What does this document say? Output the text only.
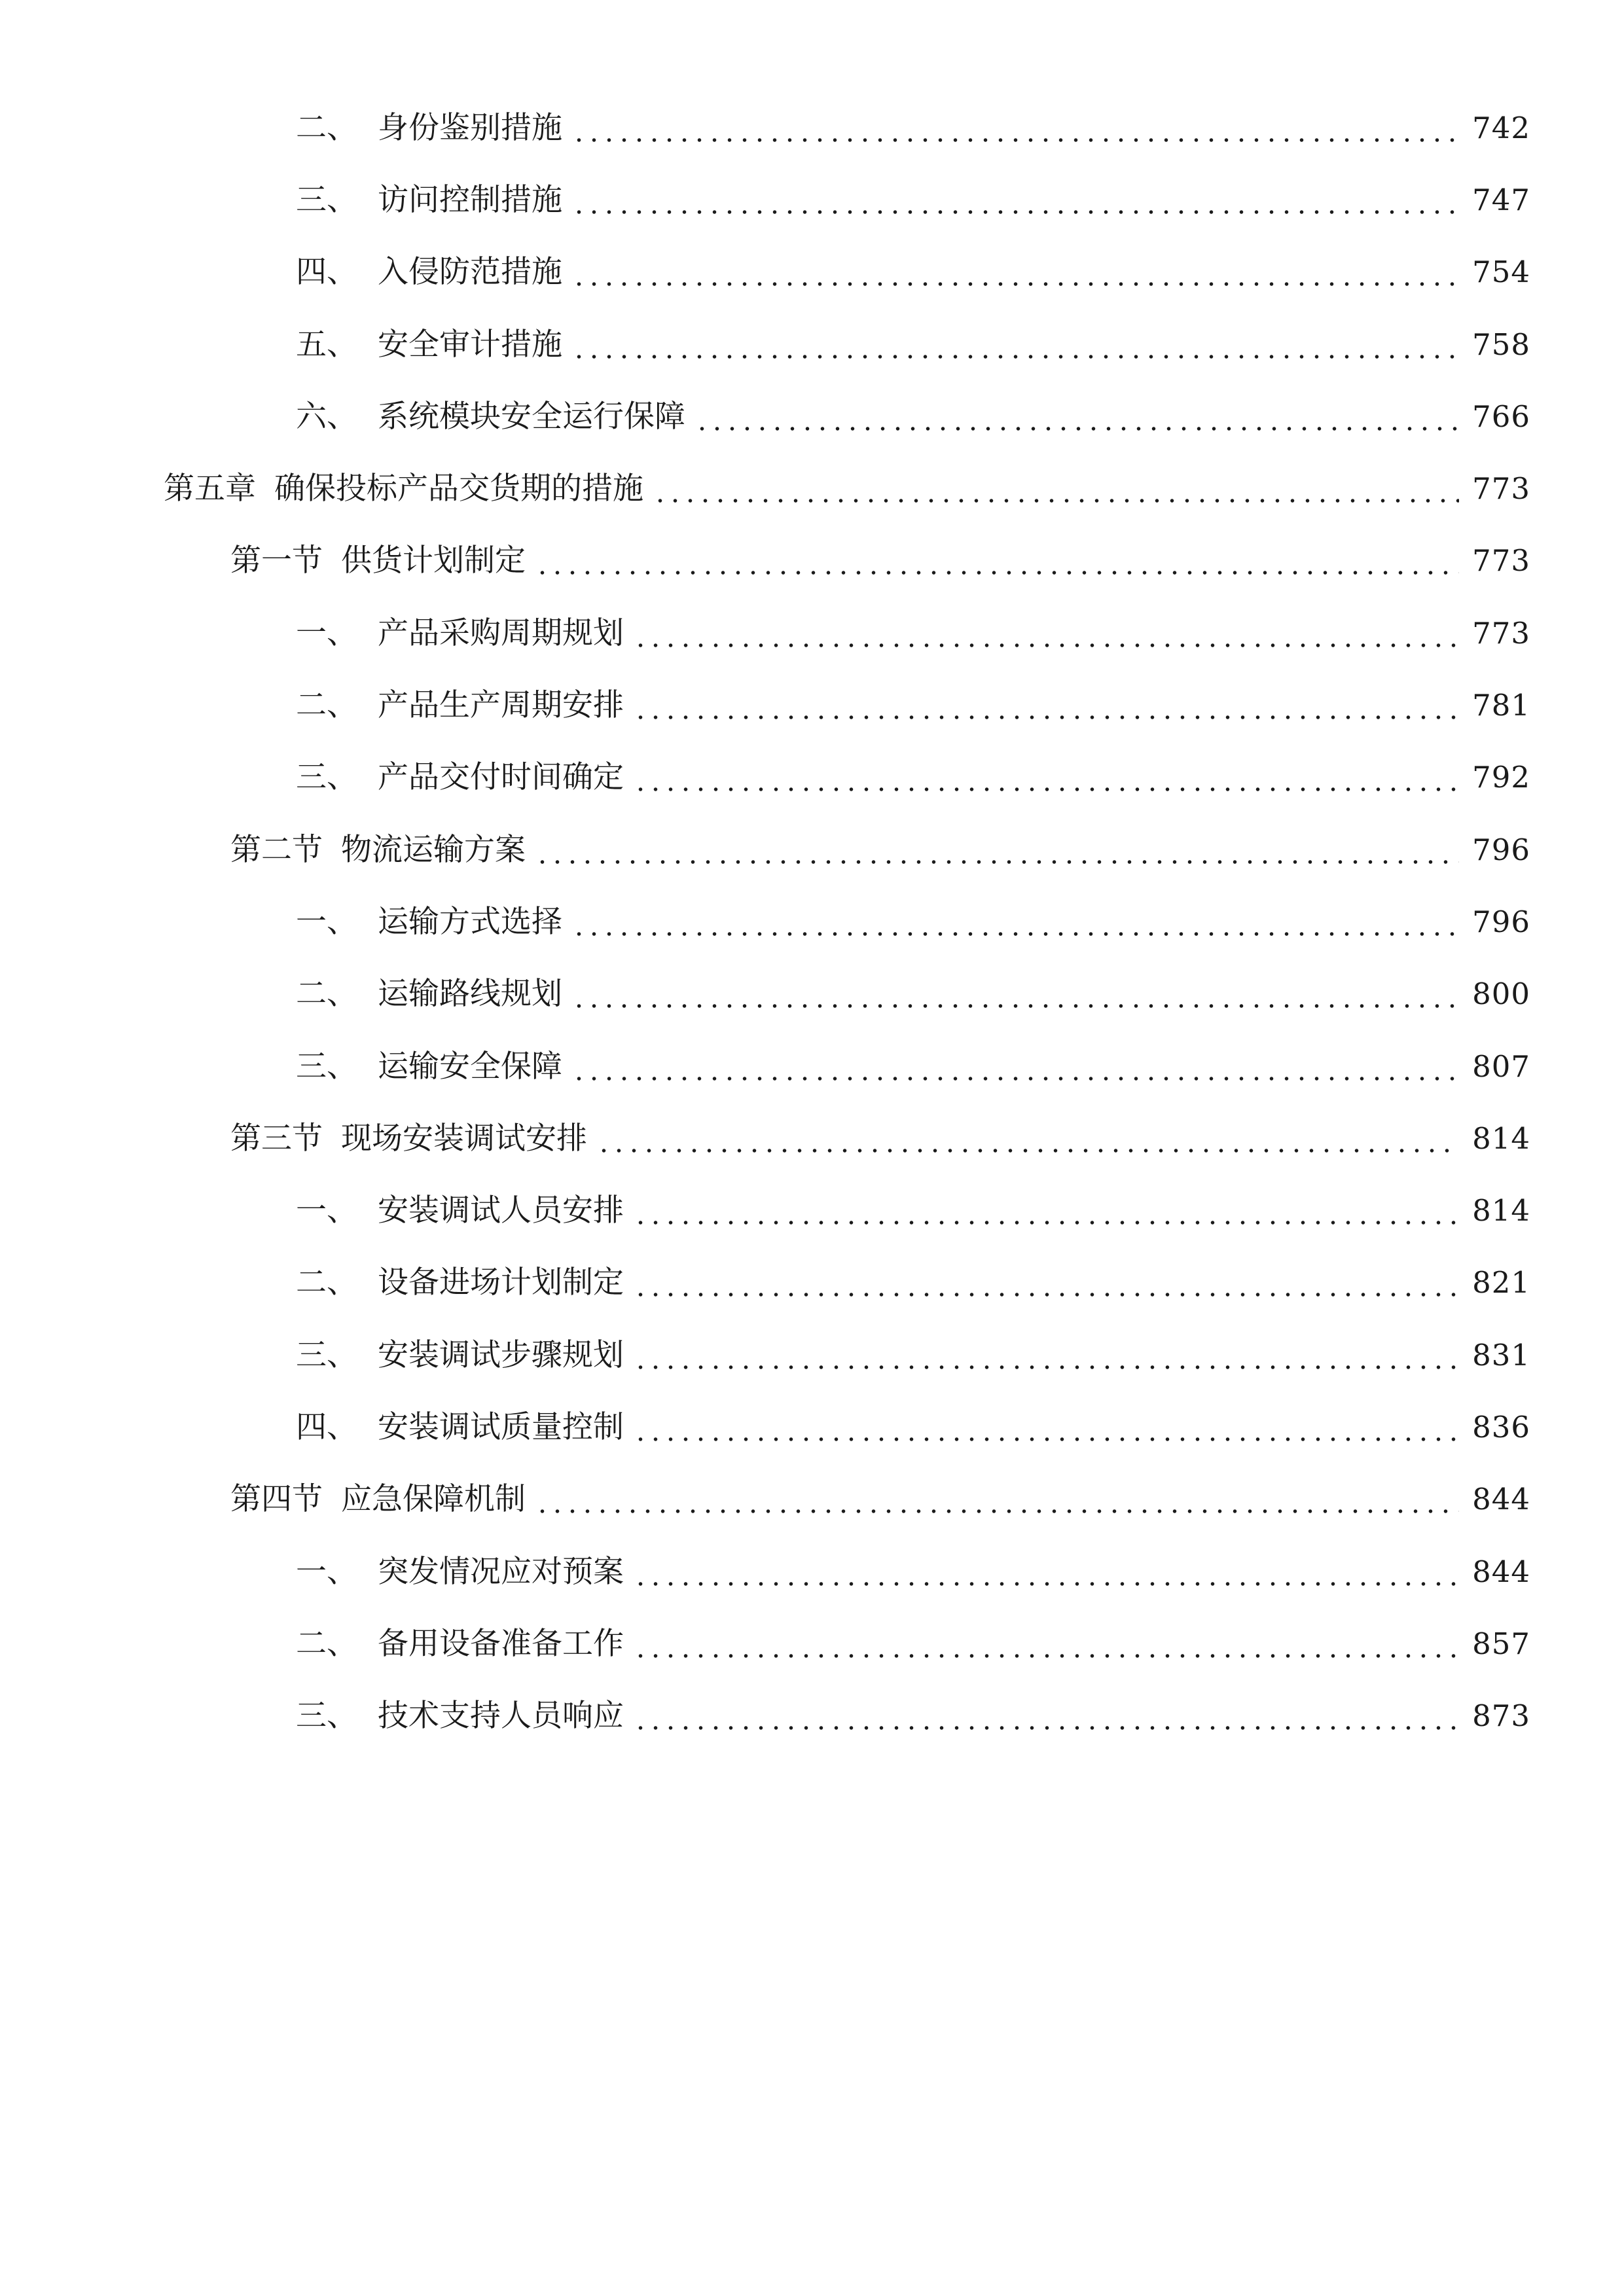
二、 身份鉴别措施	742
三、 访问控制措施	747
四、 入侵防范措施	754
五、 安全审计措施	758
六、 系统模块安全运行保障	766
第五章 确保投标产品交货期的措施	773
第一节 供货计划制定	773
一、 产品采购周期规划	773
二、 产品生产周期安排	781
三、 产品交付时间确定	792
第二节 物流运输方案	796
一、 运输方式选择	796
二、 运输路线规划	800
三、 运输安全保障	807
第三节 现场安装调试安排	814
一、 安装调试人员安排	814
二、 设备进场计划制定	821
三、 安装调试步骤规划	831
四、 安装调试质量控制	836
第四节 应急保障机制	844
一、 突发情况应对预案	844
二、 备用设备准备工作	857
三、 技术支持人员响应	873
